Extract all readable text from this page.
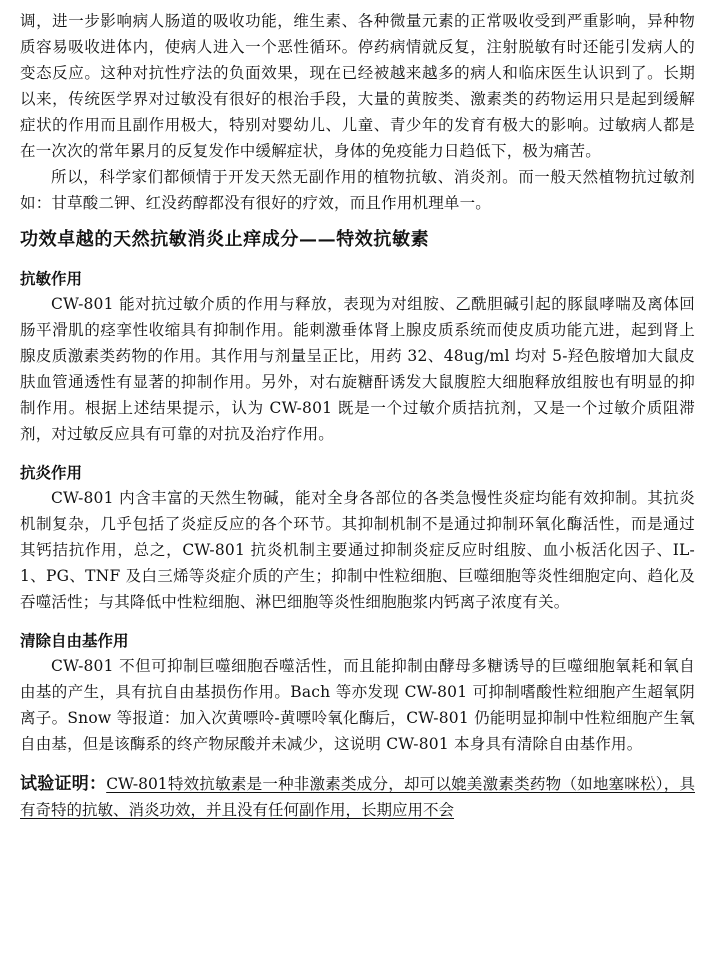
调，进一步影响病人肠道的吸收功能，维生素、各种微量元素的正常吸收受到严重影响，异种物质容易吸收进体内，使病人进入一个恶性循环。停药病情就反复，注射脱敏有时还能引发病人的变态反应。这种对抗性疗法的负面效果，现在已经被越来越多的病人和临床医生认识到了。长期以来，传统医学界对过敏没有很好的根治手段，大量的黄胺类、激素类的药物运用只是起到缓解症状的作用而且副作用极大，特别对婴幼儿、儿童、青少年的发育有极大的影响。过敏病人都是在一次次的常年累月的反复发作中缓解症状，身体的免疫能力日趋低下，极为痛苦。

所以，科学家们都倾情于开发天然无副作用的植物抗敏、消炎剂。而一般天然植物抗过敏剂如：甘草酸二钾、红没药醇都没有很好的疗效，而且作用机理单一。

功效卓越的天然抗敏消炎止痒成分——特效抗敏素
抗敏作用

CW-801 能对抗过敏介质的作用与释放，表现为对组胺、乙酰胆碱引起的豚鼠哮喘及离体回肠平滑肌的痉挛性收缩具有抑制作用。能刺激垂体肾上腺皮质系统而使皮质功能亢进，起到肾上腺皮质激素类药物的作用。其作用与剂量呈正比，用药 32、48ug/ml 均对 5-羟色胺增加大鼠皮肤血管通透性有显著的抑制作用。另外，对右旋糖酐诱发大鼠腹腔大细胞释放组胺也有明显的抑制作用。根据上述结果提示，认为 CW-801 既是一个过敏介质拮抗剂，又是一个过敏介质阻滞剂，对过敏反应具有可靠的对抗及治疗作用。

抗炎作用

CW-801 内含丰富的天然生物碱，能对全身各部位的各类急慢性炎症均能有效抑制。其抗炎机制复杂，几乎包括了炎症反应的各个环节。其抑制机制不是通过抑制环氧化酶活性，而是通过其钙拮抗作用，总之，CW-801 抗炎机制主要通过抑制炎症反应时组胺、血小板活化因子、IL-1、PG、TNF 及白三烯等炎症介质的产生；抑制中性粒细胞、巨噬细胞等炎性细胞定向、趋化及吞噬活性；与其降低中性粒细胞、淋巴细胞等炎性细胞胞浆内钙离子浓度有关。

清除自由基作用

CW-801 不但可抑制巨噬细胞吞噬活性，而且能抑制由酵母多糖诱导的巨噬细胞氧耗和氧自由基的产生，具有抗自由基损伤作用。Bach 等亦发现 CW-801 可抑制嗜酸性粒细胞产生超氧阴离子。Snow 等报道：加入次黄嘌呤-黄嘌呤氧化酶后，CW-801 仍能明显抑制中性粒细胞产生氧自由基，但是该酶系的终产物尿酸并未减少，这说明 CW-801 本身具有清除自由基作用。

试验证明：CW-801特效抗敏素是一种非激素类成分，却可以媲美激素类药物（如地塞咪松），具有奇特的抗敏、消炎功效，并且没有任何副作用，长期应用不会
